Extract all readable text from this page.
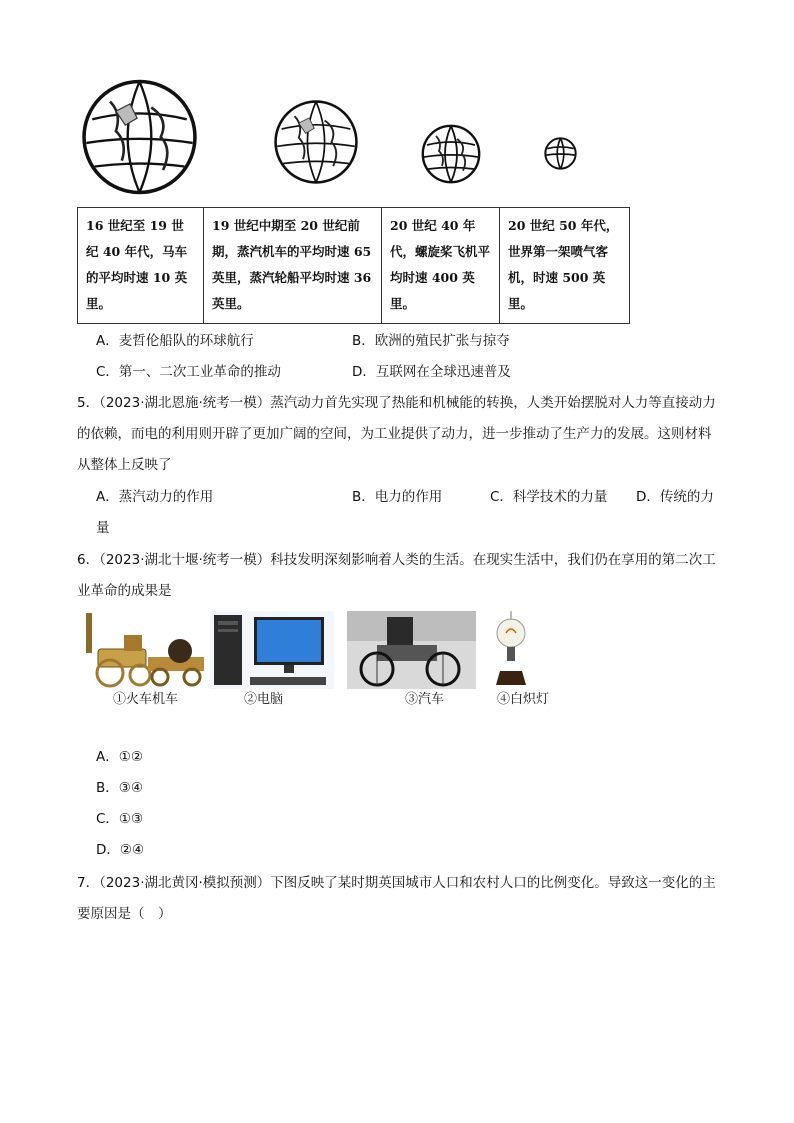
16 世纪至 19 世纪 40 年代，马车的平均时速 10 英里。	19 世纪中期至 20 世纪前期，蒸汽机车的平均时速 65 英里，蒸汽轮船平均时速 36 英里。	20 世纪 40 年代，螺旋桨飞机平均时速 400 英里。	20 世纪 50 年代，世界第一架喷气客机，时速 500 英里。
A．麦哲伦船队的环球航行	B．欧洲的殖民扩张与掠夺
C．第一、二次工业革命的推动	D．互联网在全球迅速普及
5．（2023·湖北恩施·统考一模）蒸汽动力首先实现了热能和机械能的转换，人类开始摆脱对人力等直接动力的依赖，而电的利用则开辟了更加广阔的空间，为工业提供了动力，进一步推动了生产力的发展。这则材料从整体上反映了
A．蒸汽动力的作用	B．电力的作用	C．科学技术的力量 D．传统的力
量
6．（2023·湖北十堰·统考一模）科技发明深刻影响着人类的生活。在现实生活中，我们仍在享用的第二次工业革命的成果是
①火车机车	②电脑	③汽车	④白炽灯
A．①②
B．③④
C．①③
D．②④
7．（2023·湖北黄冈·模拟预测）下图反映了某时期英国城市人口和农村人口的比例变化。导致这一变化的主要原因是（　）
